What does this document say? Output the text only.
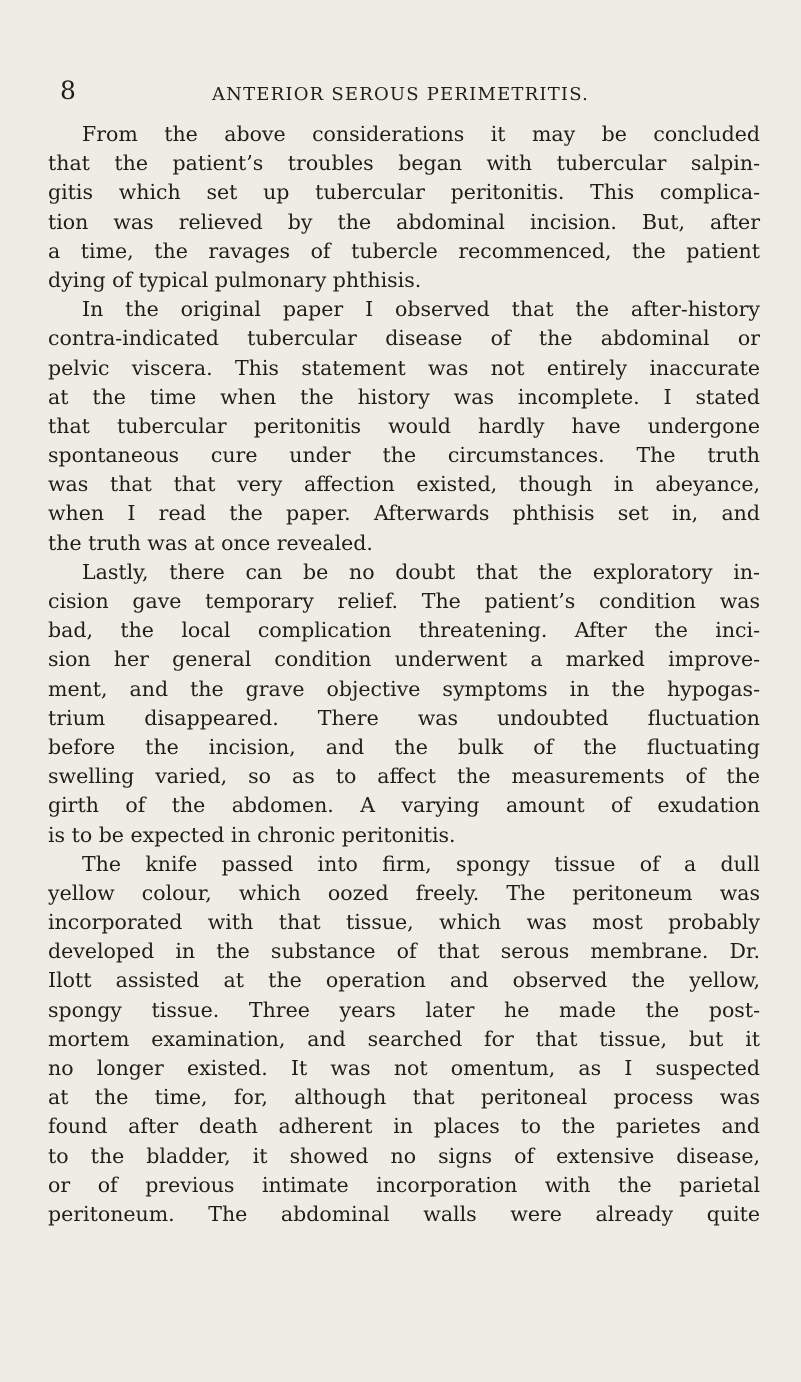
8	ANTERIOR SEROUS PERIMETRITIS.
From the above considerations it may be concluded
that the patient’s troubles began with tubercular salpin-
gitis which set up tubercular peritonitis. This complica-
tion was relieved by the abdominal incision. But, after
a time, the ravages of tubercle recommenced, the patient
dying of typical pulmonary phthisis.
In the original paper I observed that the after-history
contra-indicated tubercular disease of the abdominal or
pelvic viscera. This statement was not entirely inaccurate
at the time when the history was incomplete. I stated
that tubercular peritonitis would hardly have undergone
spontaneous cure under the circumstances. The truth
was that that very affection existed, though in abeyance,
when I read the paper. Afterwards phthisis set in, and
the truth was at once revealed.
Lastly, there can be no doubt that the exploratory in-
cision gave temporary relief. The patient’s condition was
bad, the local complication threatening. After the inci-
sion her general condition underwent a marked improve-
ment, and the grave objective symptoms in the hypogas-
trium disappeared. There was undoubted fluctuation
before the incision, and the bulk of the fluctuating
swelling varied, so as to affect the measurements of the
girth of the abdomen. A varying amount of exudation
is to be expected in chronic peritonitis.
The knife passed into firm, spongy tissue of a dull
yellow colour, which oozed freely. The peritoneum was
incorporated with that tissue, which was most probably
developed in the substance of that serous membrane. Dr.
Ilott assisted at the operation and observed the yellow,
spongy tissue. Three years later he made the post-
mortem examination, and searched for that tissue, but it
no longer existed. It was not omentum, as I suspected
at the time, for, although that peritoneal process was
found after death adherent in places to the parietes and
to the bladder, it showed no signs of extensive disease,
or of previous intimate incorporation with the parietal
peritoneum. The abdominal walls were already quite
